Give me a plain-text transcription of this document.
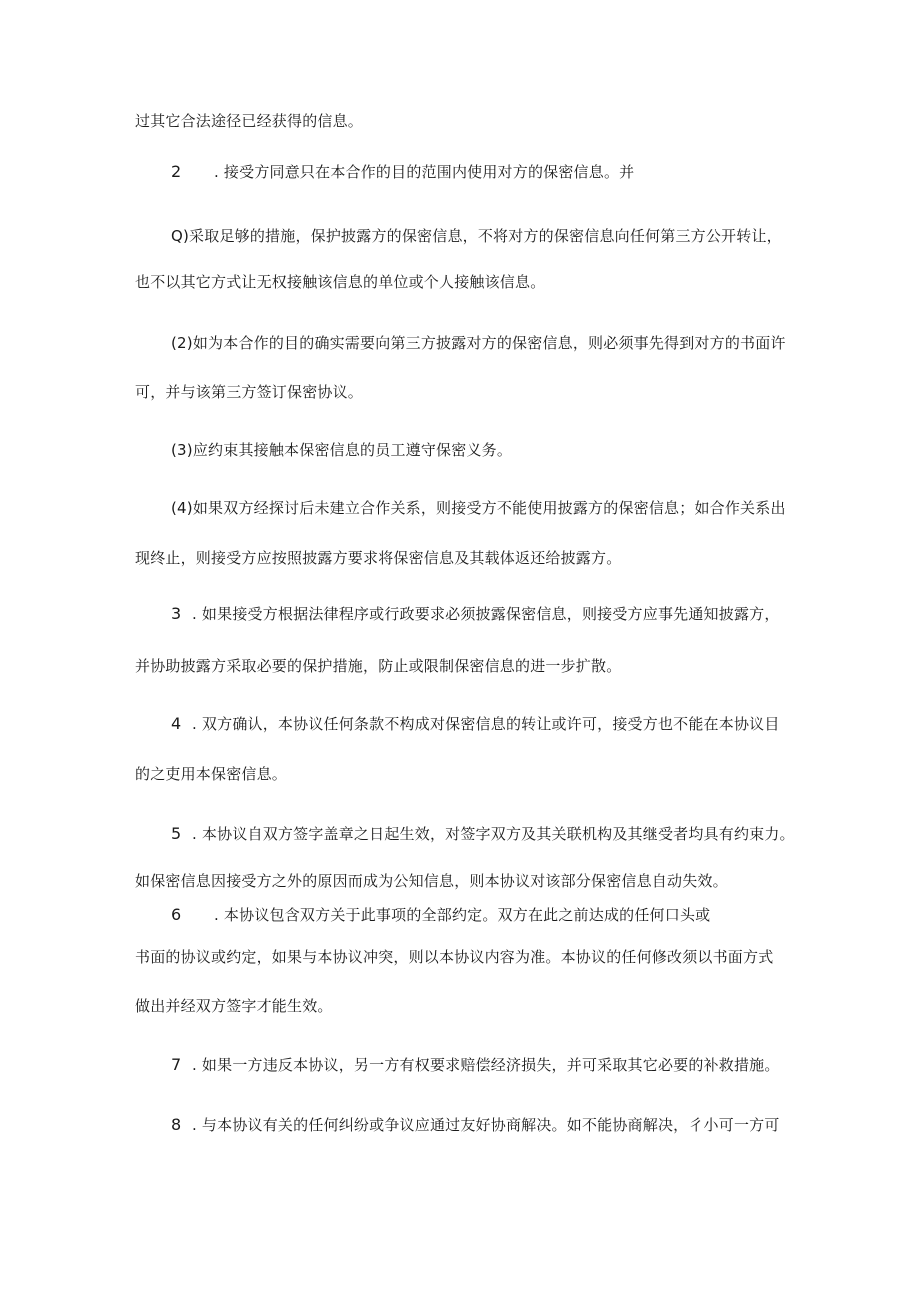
过其它合法途径已经获得的信息。
2 . 接受方同意只在本合作的目的范围内使用对方的保密信息。并
Q)采取足够的措施，保护披露方的保密信息，不将对方的保密信息向任何第三方公开转让，
也不以其它方式让无权接触该信息的单位或个人接触该信息。
(2)如为本合作的目的确实需要向第三方披露对方的保密信息，则必须事先得到对方的书面许
可，并与该第三方签订保密协议。
(3)应约束其接触本保密信息的员工遵守保密义务。
(4)如果双方经探讨后未建立合作关系，则接受方不能使用披露方的保密信息；如合作关系出
现终止，则接受方应按照披露方要求将保密信息及其载体返还给披露方。
3 . 如果接受方根据法律程序或行政要求必须披露保密信息，则接受方应事先通知披露方，
并协助披露方采取必要的保护措施，防止或限制保密信息的进一步扩散。
4 . 双方确认，本协议任何条款不构成对保密信息的转让或许可，接受方也不能在本协议目
的之吏用本保密信息。
5 . 本协议自双方签字盖章之日起生效，对签字双方及其关联机构及其继受者均具有约束力。
如保密信息因接受方之外的原因而成为公知信息，则本协议对该部分保密信息自动失效。
6 . 本协议包含双方关于此事项的全部约定。双方在此之前达成的任何口头或
书面的协议或约定，如果与本协议冲突，则以本协议内容为准。本协议的任何修改须以书面方式
做出并经双方签字才能生效。
7 . 如果一方违反本协议，另一方有权要求赔偿经济损失，并可采取其它必要的补救措施。
8 . 与本协议有关的任何纠纷或争议应通过友好协商解决。如不能协商解决，彳小可一方可
